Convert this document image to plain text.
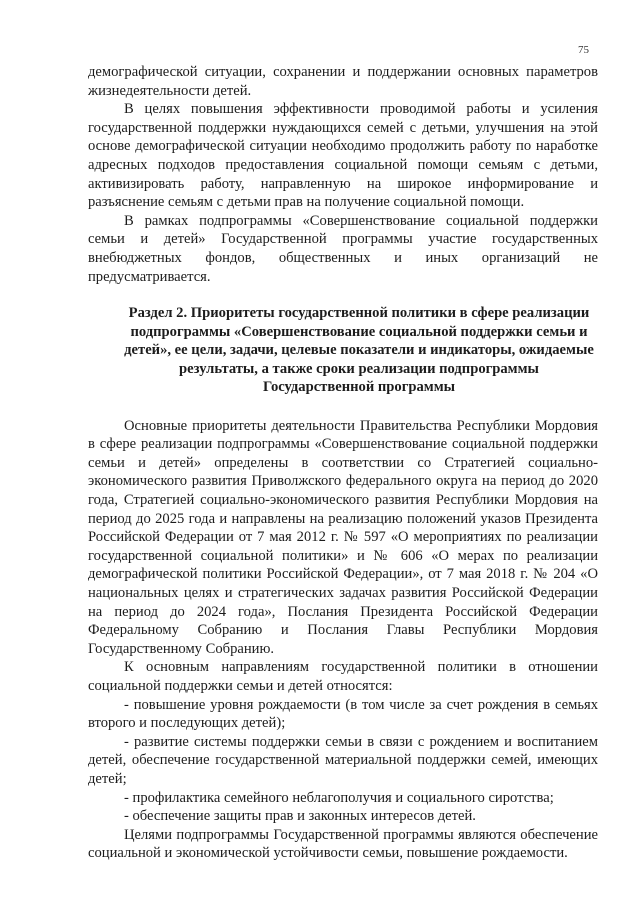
75

демографической ситуации, сохранении и поддержании основных параметров жизнедеятельности детей.

В целях повышения эффективности проводимой работы и усиления государственной поддержки нуждающихся семей с детьми, улучшения на этой основе демографической ситуации необходимо продолжить работу по наработке адресных подходов предоставления социальной помощи семьям с детьми, активизировать работу, направленную на широкое информирование и разъяснение семьям с детьми прав на получение социальной помощи.

В рамках подпрограммы «Совершенствование социальной поддержки семьи и детей» Государственной программы участие государственных внебюджетных фондов, общественных и иных организаций не предусматривается.

Раздел 2. Приоритеты государственной политики в сфере реализации подпрограммы «Совершенствование социальной поддержки семьи и детей», ее цели, задачи, целевые показатели и индикаторы, ожидаемые результаты, а также сроки реализации подпрограммы Государственной программы

Основные приоритеты деятельности Правительства Республики Мордовия в сфере реализации подпрограммы «Совершенствование социальной поддержки семьи и детей» определены в соответствии со Стратегией социально-экономического развития Приволжского федерального округа на период до 2020 года, Стратегией социально-экономического развития Республики Мордовия на период до 2025 года и направлены на реализацию положений указов Президента Российской Федерации от 7 мая 2012 г. № 597 «О мероприятиях по реализации государственной социальной политики» и № 606 «О мерах по реализации демографической политики Российской Федерации», от 7 мая 2018 г. № 204 «О национальных целях и стратегических задачах развития Российской Федерации на период до 2024 года», Послания Президента Российской Федерации Федеральному Собранию и Послания Главы Республики Мордовия Государственному Собранию.

К основным направлениям государственной политики в отношении социальной поддержки семьи и детей относятся:

- повышение уровня рождаемости (в том числе за счет рождения в семьях второго и последующих детей);

- развитие системы поддержки семьи в связи с рождением и воспитанием детей, обеспечение государственной материальной поддержки семей, имеющих детей;

- профилактика семейного неблагополучия и социального сиротства;

- обеспечение защиты прав и законных интересов детей.

Целями подпрограммы Государственной программы являются обеспечение социальной и экономической устойчивости семьи, повышение рождаемости.
